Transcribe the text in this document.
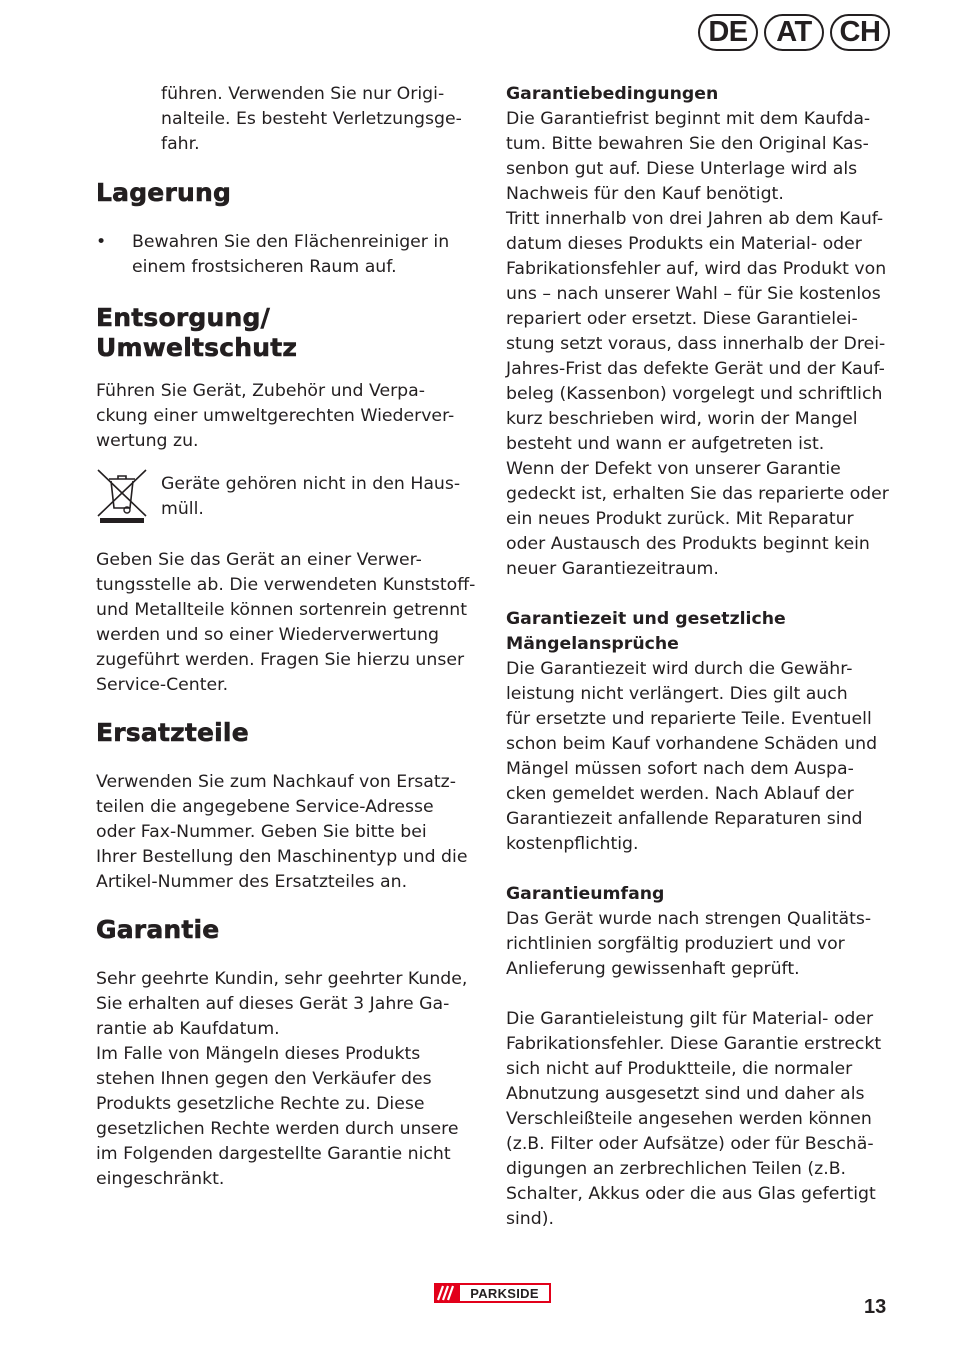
DE AT CH

führen. Verwenden Sie nur Origi-
nalteile. Es besteht Verletzungsge-
fahr.

Lagerung
•	Bewahren Sie den Flächenreiniger in
einem frostsicheren Raum auf.
Entsorgung/
Umweltschutz

Führen Sie Gerät, Zubehör und Verpa-
ckung einer umweltgerechten Wiederver-
wertung zu.

Geräte gehören nicht in den Haus-
müll.

Geben Sie das Gerät an einer Verwer-
tungsstelle ab. Die verwendeten Kunststoff-
und Metallteile können sortenrein getrennt
werden und so einer Wiederverwertung
zugeführt werden. Fragen Sie hierzu unser
Service-Center.

Ersatzteile

Verwenden Sie zum Nachkauf von Ersatz-
teilen die angegebene Service-Adresse
oder Fax-Nummer. Geben Sie bitte bei
Ihrer Bestellung den Maschinentyp und die
Artikel-Nummer des Ersatzteiles an.

Garantie

Sehr geehrte Kundin, sehr geehrter Kunde,
Sie erhalten auf dieses Gerät 3 Jahre Ga-
rantie ab Kaufdatum.
Im Falle von Mängeln dieses Produkts
stehen Ihnen gegen den Verkäufer des
Produkts gesetzliche Rechte zu. Diese
gesetzlichen Rechte werden durch unsere
im Folgenden dargestellte Garantie nicht
eingeschränkt.

Garantiebedingungen

Die Garantiefrist beginnt mit dem Kaufda-
tum. Bitte bewahren Sie den Original Kas-
senbon gut auf. Diese Unterlage wird als
Nachweis für den Kauf benötigt.
Tritt innerhalb von drei Jahren ab dem Kauf-
datum dieses Produkts ein Material- oder
Fabrikationsfehler auf, wird das Produkt von
uns – nach unserer Wahl – für Sie kostenlos
repariert oder ersetzt. Diese Garantielei-
stung setzt voraus, dass innerhalb der Drei-
Jahres-Frist das defekte Gerät und der Kauf-
beleg (Kassenbon) vorgelegt und schriftlich
kurz beschrieben wird, worin der Mangel
besteht und wann er aufgetreten ist.
Wenn der Defekt von unserer Garantie
gedeckt ist, erhalten Sie das reparierte oder
ein neues Produkt zurück. Mit Reparatur
oder Austausch des Produkts beginnt kein
neuer Garantiezeitraum.

Garantiezeit und gesetzliche
Mängelansprüche

Die Garantiezeit wird durch die Gewähr-
leistung nicht verlängert. Dies gilt auch
für ersetzte und reparierte Teile. Eventuell
schon beim Kauf vorhandene Schäden und
Mängel müssen sofort nach dem Auspa-
cken gemeldet werden. Nach Ablauf der
Garantiezeit anfallende Reparaturen sind
kostenpflichtig.

Garantieumfang

Das Gerät wurde nach strengen Qualitäts-
richtlinien sorgfältig produziert und vor
Anlieferung gewissenhaft geprüft.

Die Garantieleistung gilt für Material- oder
Fabrikationsfehler. Diese Garantie erstreckt
sich nicht auf Produktteile, die normaler
Abnutzung ausgesetzt sind und daher als
Verschleißteile angesehen werden können
(z.B. Filter oder Aufsätze) oder für Beschä-
digungen an zerbrechlichen Teilen (z.B.
Schalter, Akkus oder die aus Glas gefertigt
sind).

PARKSIDE
13
